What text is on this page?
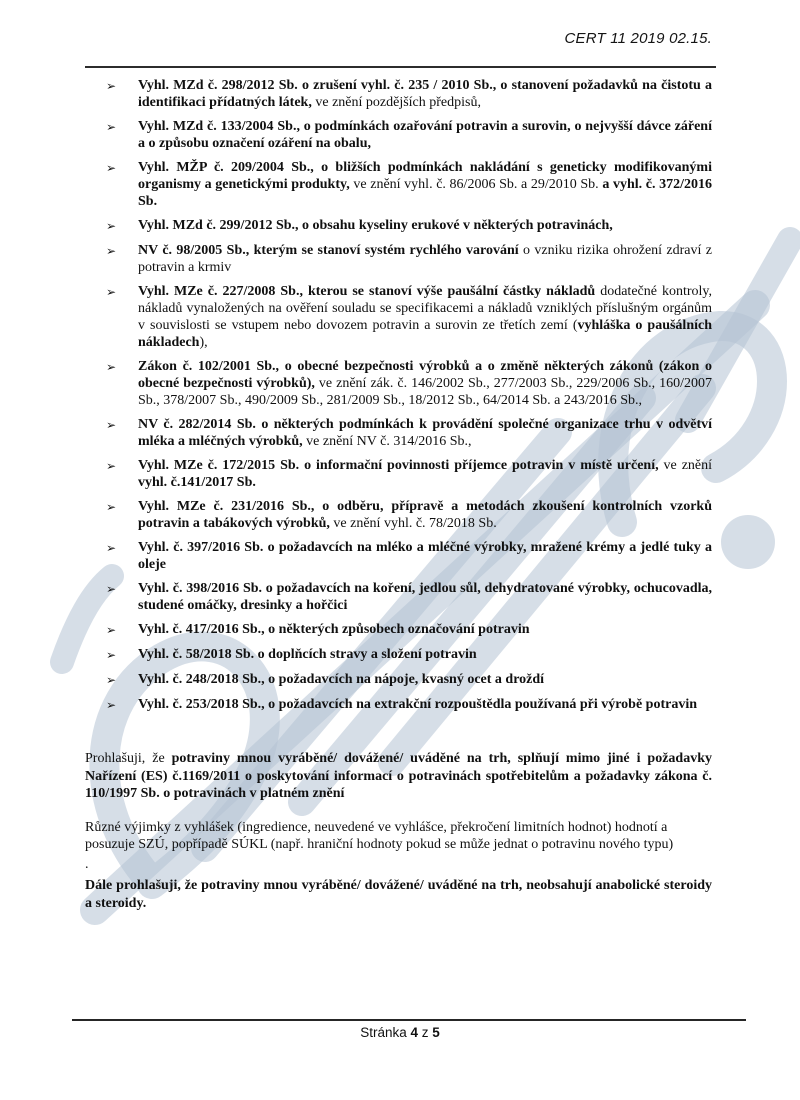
CERT 11 2019 02.15.
➢	Vyhl. MZd č. 298/2012 Sb. o zrušení vyhl. č. 235 / 2010 Sb., o stanovení požadavků na čistotu a identifikaci přídatných látek, ve znění pozdějších předpisů,
➢	Vyhl. MZd č. 133/2004 Sb., o podmínkách ozařování potravin a surovin, o nejvyšší dávce záření a o způsobu označení ozáření na obalu,
➢	Vyhl. MŽP č. 209/2004 Sb., o bližších podmínkách nakládání s geneticky modifikovanými organismy a genetickými produkty, ve znění vyhl. č. 86/2006 Sb. a 29/2010 Sb. a vyhl. č. 372/2016 Sb.
➢	Vyhl. MZd č. 299/2012 Sb., o obsahu kyseliny erukové v některých potravinách,
➢	NV č. 98/2005 Sb., kterým se stanoví systém rychlého varování o vzniku rizika ohrožení zdraví z potravin a krmiv
➢	Vyhl. MZe č. 227/2008 Sb., kterou se stanoví výše paušální částky nákladů dodatečné kontroly, nákladů vynaložených na ověření souladu se specifikacemi a nákladů vzniklých příslušným orgánům v souvislosti se vstupem nebo dovozem potravin a surovin ze třetích zemí (vyhláška o paušálních nákladech),
➢	Zákon č. 102/2001 Sb., o obecné bezpečnosti výrobků a o změně některých zákonů (zákon o obecné bezpečnosti výrobků), ve znění zák. č. 146/2002 Sb., 277/2003 Sb., 229/2006 Sb., 160/2007 Sb., 378/2007 Sb., 490/2009 Sb., 281/2009 Sb., 18/2012 Sb., 64/2014 Sb. a 243/2016 Sb.,
➢	NV č. 282/2014 Sb. o některých podmínkách k provádění společné organizace trhu v odvětví mléka a mléčných výrobků, ve znění NV č. 314/2016 Sb.,
➢	Vyhl. MZe č. 172/2015 Sb. o informační povinnosti příjemce potravin v místě určení, ve znění vyhl. č.141/2017 Sb.
➢	Vyhl. MZe č. 231/2016 Sb., o odběru, přípravě a metodách zkoušení kontrolních vzorků potravin a tabákových výrobků, ve znění vyhl. č. 78/2018 Sb.
➢	Vyhl. č. 397/2016 Sb. o požadavcích na mléko a mléčné výrobky, mražené krémy a jedlé tuky a oleje
➢	Vyhl. č. 398/2016 Sb. o požadavcích na koření, jedlou sůl, dehydratované výrobky, ochucovadla, studené omáčky, dresinky a hořčici
➢	Vyhl. č. 417/2016 Sb., o některých způsobech označování potravin
➢	Vyhl. č. 58/2018 Sb. o doplňcích stravy a složení potravin
➢	Vyhl. č. 248/2018 Sb., o požadavcích na nápoje, kvasný ocet a droždí
➢	Vyhl. č. 253/2018 Sb., o požadavcích na extrakční rozpouštědla používaná při výrobě potravin
Prohlašuji, že potraviny mnou vyráběné/ dovážené/ uváděné na trh, splňují mimo jiné i požadavky Nařízení (ES) č.1169/2011 o poskytování informací o potravinách spotřebitelům a požadavky zákona č. 110/1997 Sb. o potravinách v platném znění
Různé výjimky z vyhlášek (ingredience, neuvedené ve vyhlášce, překročení limitních hodnot) hodnotí a posuzuje SZÚ, popřípadě SÚKL (např. hraniční hodnoty pokud se může jednat o potravinu nového typu)
.
Dále prohlašuji, že potraviny mnou vyráběné/ dovážené/ uváděné na trh, neobsahují anabolické steroidy a steroidy.
Stránka 4 z 5
